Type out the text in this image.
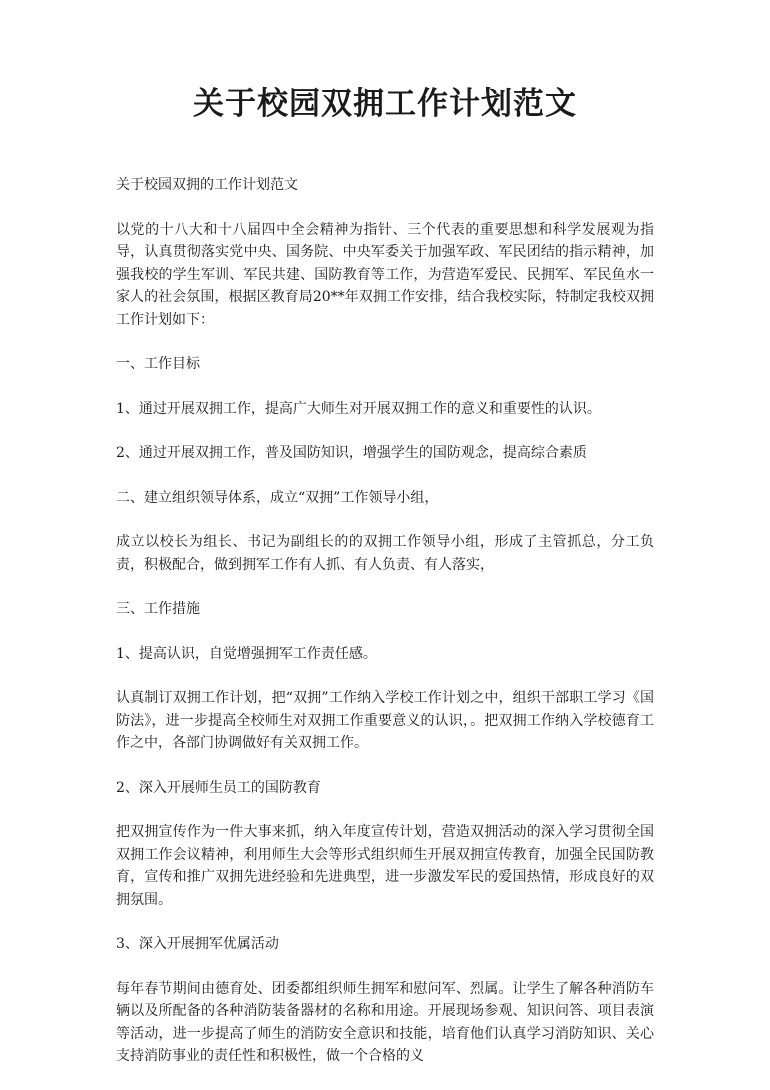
关于校园双拥工作计划范文

关于校园双拥的工作计划范文

以党的十八大和十八届四中全会精神为指针、三个代表的重要思想和科学发展观为指导，认真贯彻落实党中央、国务院、中央军委关于加强军政、军民团结的指示精神，加强我校的学生军训、军民共建、国防教育等工作，为营造军爱民、民拥军、军民鱼水一家人的社会氛围，根据区教育局20**年双拥工作安排，结合我校实际，特制定我校双拥工作计划如下：

一、工作目标

1、通过开展双拥工作，提高广大师生对开展双拥工作的意义和重要性的认识。

2、通过开展双拥工作，普及国防知识，增强学生的国防观念，提高综合素质

二、建立组织领导体系，成立“双拥”工作领导小组，

成立以校长为组长、书记为副组长的的双拥工作领导小组，形成了主管抓总，分工负责，积极配合，做到拥军工作有人抓、有人负责、有人落实，

三、工作措施

1、提高认识，自觉增强拥军工作责任感。

认真制订双拥工作计划，把“双拥”工作纳入学校工作计划之中，组织干部职工学习《国防法》，进一步提高全校师生对双拥工作重要意义的认识，。把双拥工作纳入学校德育工作之中，各部门协调做好有关双拥工作。

2、深入开展师生员工的国防教育

把双拥宣传作为一件大事来抓，纳入年度宣传计划，营造双拥活动的深入学习贯彻全国双拥工作会议精神，利用师生大会等形式组织师生开展双拥宣传教育，加强全民国防教育，宣传和推广双拥先进经验和先进典型，进一步激发军民的爱国热情，形成良好的双拥氛围。

3、深入开展拥军优属活动

每年春节期间由德育处、团委都组织师生拥军和慰问军、烈属。让学生了解各种消防车辆以及所配备的各种消防装备器材的名称和用途。开展现场参观、知识问答、项目表演等活动，进一步提高了师生的消防安全意识和技能，培育他们认真学习消防知识、关心支持消防事业的责任性和积极性，做一个合格的义
